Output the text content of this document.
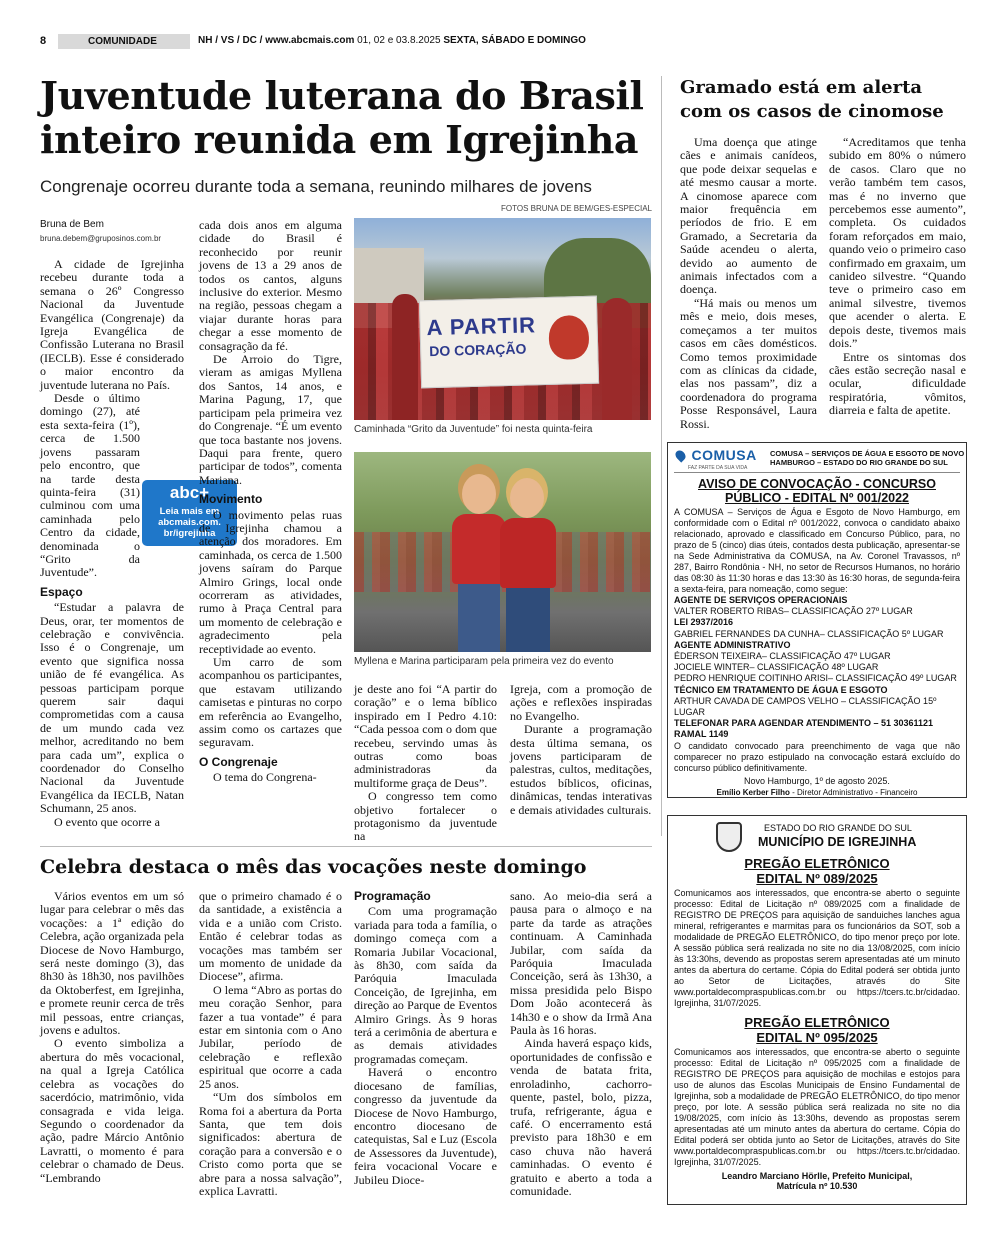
8	COMUNIDADE	NH / VS / DC / www.abcmais.com 01, 02 e 03.8.2025 SEXTA, SÁBADO E DOMINGO
Juventude luterana do Brasil
inteiro reunida em Igrejinha
Congrenaje ocorreu durante toda a semana, reunindo milhares de jovens
FOTOS BRUNA DE BEM/GES-ESPECIAL
Bruna de Bem
bruna.debem@gruposinos.com.br

A cidade de Igrejinha recebeu durante toda a semana o 26º Congresso Nacional da Juventude Evangélica (Congrenaje) da Igreja Evangélica de Confissão Luterana no Brasil (IECLB). Esse é considerado o maior encontro da juventude luterana no País.

Desde o último domingo (27), até esta sexta-feira (1º), cerca de 1.500 jovens passaram pelo encontro, que na tarde desta quinta-feira (31) culminou com uma caminhada pelo Centro da cidade, denominada o “Grito da Juventude”.

Espaço

“Estudar a palavra de Deus, orar, ter momentos de celebração e convivência. Isso é o Congrenaje, um evento que significa nossa união de fé evangélica. As pessoas participam porque querem sair daqui comprometidas com a causa de um mundo cada vez melhor, acreditando no bem para cada um”, explica o coordenador do Conselho Nacional da Juventude Evangélica da IECLB, Natan Schumann, 25 anos.

O evento que ocorre a

abc+
Leia mais em abcmais.com. br/igrejinha

cada dois anos em alguma cidade do Brasil é reconhecido por reunir jovens de 13 a 29 anos de todos os cantos, alguns inclusive do exterior. Mesmo na região, pessoas chegam a viajar durante horas para chegar a esse momento de consagração da fé.

De Arroio do Tigre, vieram as amigas Myllena dos Santos, 14 anos, e Marina Pagung, 17, que participam pela primeira vez do Congrenaje. “É um evento que toca bastante nos jovens. Daqui para frente, quero participar de todos”, comenta Mariana.

Movimento

O movimento pelas ruas de Igrejinha chamou a atenção dos moradores. Em caminhada, os cerca de 1.500 jovens saíram do Parque Almiro Grings, local onde ocorreram as atividades, rumo à Praça Central para um momento de celebração e agradecimento pela receptividade ao evento.

Um carro de som acompanhou os participantes, que estavam utilizando camisetas e pinturas no corpo em referência ao Evangelho, assim como os cartazes que seguravam.

O Congrenaje

O tema do Congrena-

A PARTIR
DO CORAÇÃO
Caminhada “Grito da Juventude” foi nesta quinta-feira
Myllena e Marina participaram pela primeira vez do evento

je deste ano foi “A partir do coração” e o lema bíblico inspirado em I Pedro 4.10: “Cada pessoa com o dom que recebeu, servindo umas às outras como boas administradoras da multiforme graça de Deus”.

O congresso tem como objetivo fortalecer o protagonismo da juventude na

Igreja, com a promoção de ações e reflexões inspiradas no Evangelho.

Durante a programação desta última semana, os jovens participaram de palestras, cultos, meditações, estudos bíblicos, oficinas, dinâmicas, tendas interativas e demais atividades culturais.

Gramado está em alerta com os casos de cinomose

Uma doença que atinge cães e animais canídeos, que pode deixar sequelas e até mesmo causar a morte. A cinomose aparece com maior frequência em períodos de frio. E em Gramado, a Secretaria da Saúde acendeu o alerta, devido ao aumento de animais infectados com a doença.

“Há mais ou menos um mês e meio, dois meses, começamos a ter muitos casos em cães domésticos. Como temos proximidade com as clínicas da cidade, elas nos passam”, diz a coordenadora do programa Posse Responsável, Laura Rossi.

“Acreditamos que tenha subido em 80% o número de casos. Claro que no verão também tem casos, mas é no inverno que percebemos esse aumento”, completa. Os cuidados foram reforçados em maio, quando veio o primeiro caso confirmado em graxaim, um canideo silvestre. “Quando teve o primeiro caso em animal silvestre, tivemos que acender o alerta. E depois deste, tivemos mais dois.”

Entre os sintomas dos cães estão secreção nasal e ocular, dificuldade respiratória, vômitos, diarreia e falta de apetite.

COMUSA
FAZ PARTE DA SUA VIDA
COMUSA – SERVIÇOS DE ÁGUA E ESGOTO DE NOVO HAMBURGO – ESTADO DO RIO GRANDE DO SUL
AVISO DE CONVOCAÇÃO - CONCURSO
PÚBLICO - EDITAL Nº 001/2022
A COMUSA – Serviços de Água e Esgoto de Novo Hamburgo, em conformidade com o Edital nº 001/2022, convoca o candidato abaixo relacionado, aprovado e classificado em Concurso Público, para, no prazo de 5 (cinco) dias úteis, contados desta publicação, apresentar-se na Sede Administrativa da COMUSA, na Av. Coronel Travassos, nº 287, Bairro Rondônia - NH, no setor de Recursos Humanos, no horário das 08:30 às 11:30 horas e das 13:30 às 16:30 horas, de segunda-feira a sexta-feira, para nomeação, como segue:
AGENTE DE SERVIÇOS OPERACIONAIS
VALTER ROBERTO RIBAS– CLASSIFICAÇÃO 27º LUGAR
LEI 2937/2016
GABRIEL FERNANDES DA CUNHA– CLASSIFICAÇÃO 5º LUGAR
AGENTE ADMINISTRATIVO
ÉDERSON TEIXEIRA– CLASSIFICAÇÃO 47º LUGAR
JOCIELE WINTER– CLASSIFICAÇÃO 48º LUGAR
PEDRO HENRIQUE COITINHO ARISI– CLASSIFICAÇÃO 49º LUGAR
TÉCNICO EM TRATAMENTO DE ÁGUA E ESGOTO
ARTHUR CAVADA DE CAMPOS VELHO – CLASSIFICAÇÃO 15º LUGAR
TELEFONAR PARA AGENDAR ATENDIMENTO – 51 30361121 RAMAL 1149
O candidato convocado para preenchimento de vaga que não comparecer no prazo estipulado na convocação estará excluído do concurso público definitivamente.
Novo Hamburgo, 1º de agosto 2025.
Emílio Kerber Filho - Diretor Administrativo - Financeiro
ESTADO DO RIO GRANDE DO SUL
MUNICÍPIO DE IGREJINHA
PREGÃO ELETRÔNICO
EDITAL Nº 089/2025
Comunicamos aos interessados, que encontra-se aberto o seguinte processo: Edital de Licitação nº 089/2025 com a finalidade de REGISTRO DE PREÇOS para aquisição de sanduiches lanches agua mineral, refrigerantes e marmitas para os funcionários da SOT, sob a modalidade de PREGÃO ELETRÔNICO, do tipo menor preço por lote. A sessão pública será realizada no site no dia 13/08/2025, com início às 13:30hs, devendo as propostas serem apresentadas até um minuto antes da abertura do certame. Cópia do Edital poderá ser obtida junto ao Setor de Licitações, através do Site www.portaldecompraspublicas.com.br ou https://tcers.tc.br/cidadao. Igrejinha, 31/07/2025.
PREGÃO ELETRÔNICO
EDITAL Nº 095/2025
Comunicamos aos interessados, que encontra-se aberto o seguinte processo: Edital de Licitação nº 095/2025 com a finalidade de REGISTRO DE PREÇOS para aquisição de mochilas e estojos para uso de alunos das Escolas Municipais de Ensino Fundamental de Igrejinha, sob a modalidade de PREGÃO ELETRÔNICO, do tipo menor preço, por lote. A sessão pública será realizada no site no dia 19/08/2025, com início às 13:30hs, devendo as propostas serem apresentadas até um minuto antes da abertura do certame. Cópia do Edital poderá ser obtida junto ao Setor de Licitações, através do Site www.portaldecompraspublicas.com.br ou https://tcers.tc.br/cidadao. Igrejinha, 31/07/2025.
Leandro Marciano Hörlle, Prefeito Municipal,
Matrícula nº 10.530
Celebra destaca o mês das vocações neste domingo

Vários eventos em um só lugar para celebrar o mês das vocações: a 1ª edição do Celebra, ação organizada pela Diocese de Novo Hamburgo, será neste domingo (3), das 8h30 às 18h30, nos pavilhões da Oktoberfest, em Igrejinha, e promete reunir cerca de três mil pessoas, entre crianças, jovens e adultos.

O evento simboliza a abertura do mês vocacional, na qual a Igreja Católica celebra as vocações do sacerdócio, matrimônio, vida consagrada e vida leiga. Segundo o coordenador da ação, padre Márcio Antônio Lavratti, o momento é para celebrar o chamado de Deus. “Lembrando

que o primeiro chamado é o da santidade, a existência a vida e a união com Cristo. Então é celebrar todas as vocações mas também ser um momento de unidade da Diocese”, afirma.

O lema “Abro as portas do meu coração Senhor, para fazer a tua vontade” é para estar em sintonia com o Ano Jubilar, período de celebração e reflexão espiritual que ocorre a cada 25 anos.

“Um dos símbolos em Roma foi a abertura da Porta Santa, que tem dois significados: abertura de coração para a conversão e o Cristo como porta que se abre para a nossa salvação”, explica Lavratti.

Programação

Com uma programação variada para toda a família, o domingo começa com a Romaria Jubilar Vocacional, às 8h30, com saída da Paróquia Imaculada Conceição, de Igrejinha, em direção ao Parque de Eventos Almiro Grings. Às 9 horas terá a cerimônia de abertura e as demais atividades programadas começam.

Haverá o encontro diocesano de famílias, congresso da juventude da Diocese de Novo Hamburgo, encontro diocesano de catequistas, Sal e Luz (Escola de Assessores da Juventude), feira vocacional Vocare e Jubileu Dioce-

sano. Ao meio-dia será a pausa para o almoço e na parte da tarde as atrações continuam. A Caminhada Jubilar, com saída da Paróquia Imaculada Conceição, será às 13h30, a missa presidida pelo Bispo Dom João acontecerá às 14h30 e o show da Irmã Ana Paula às 16 horas.

Ainda haverá espaço kids, oportunidades de confissão e venda de batata frita, enroladinho, cachorro-quente, pastel, bolo, pizza, trufa, refrigerante, água e café. O encerramento está previsto para 18h30 e em caso chuva não haverá caminhadas. O evento é gratuito e aberto a toda a comunidade.
